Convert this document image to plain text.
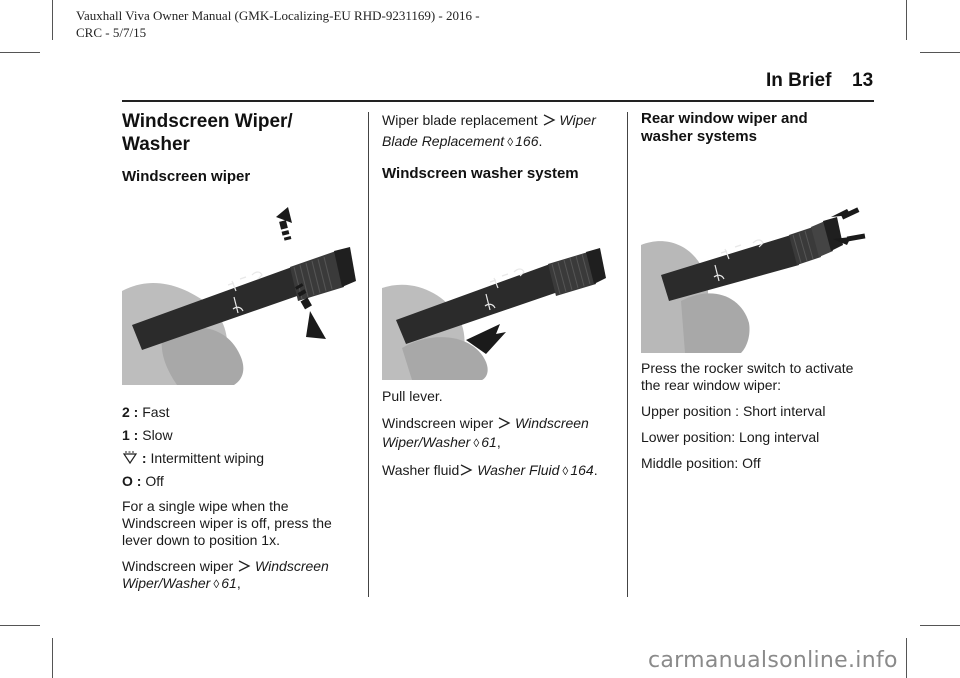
Vauxhall Viva Owner Manual (GMK-Localizing-EU RHD-9231169) - 2016 -
CRC - 5/7/15
In Brief 13
Windscreen Wiper/
Washer
Windscreen wiper
2 : Fast
1 : Slow
: Intermittent wiping
O : Off

For a single wipe when the
Windscreen wiper is off, press the
lever down to position 1x.

Windscreen wiper Windscreen
Wiper/Washer ◊ 61,

Wiper blade replacement Wiper
Blade Replacement ◊ 166.

Windscreen washer system

Pull lever.

Windscreen wiper Windscreen
Wiper/Washer ◊ 61,

Washer fluid Washer Fluid ◊ 164.

Rear window wiper and
washer systems

Press the rocker switch to activate
the rear window wiper:

Upper position : Short interval

Lower position: Long interval

Middle position: Off

carmanualsonline.info
